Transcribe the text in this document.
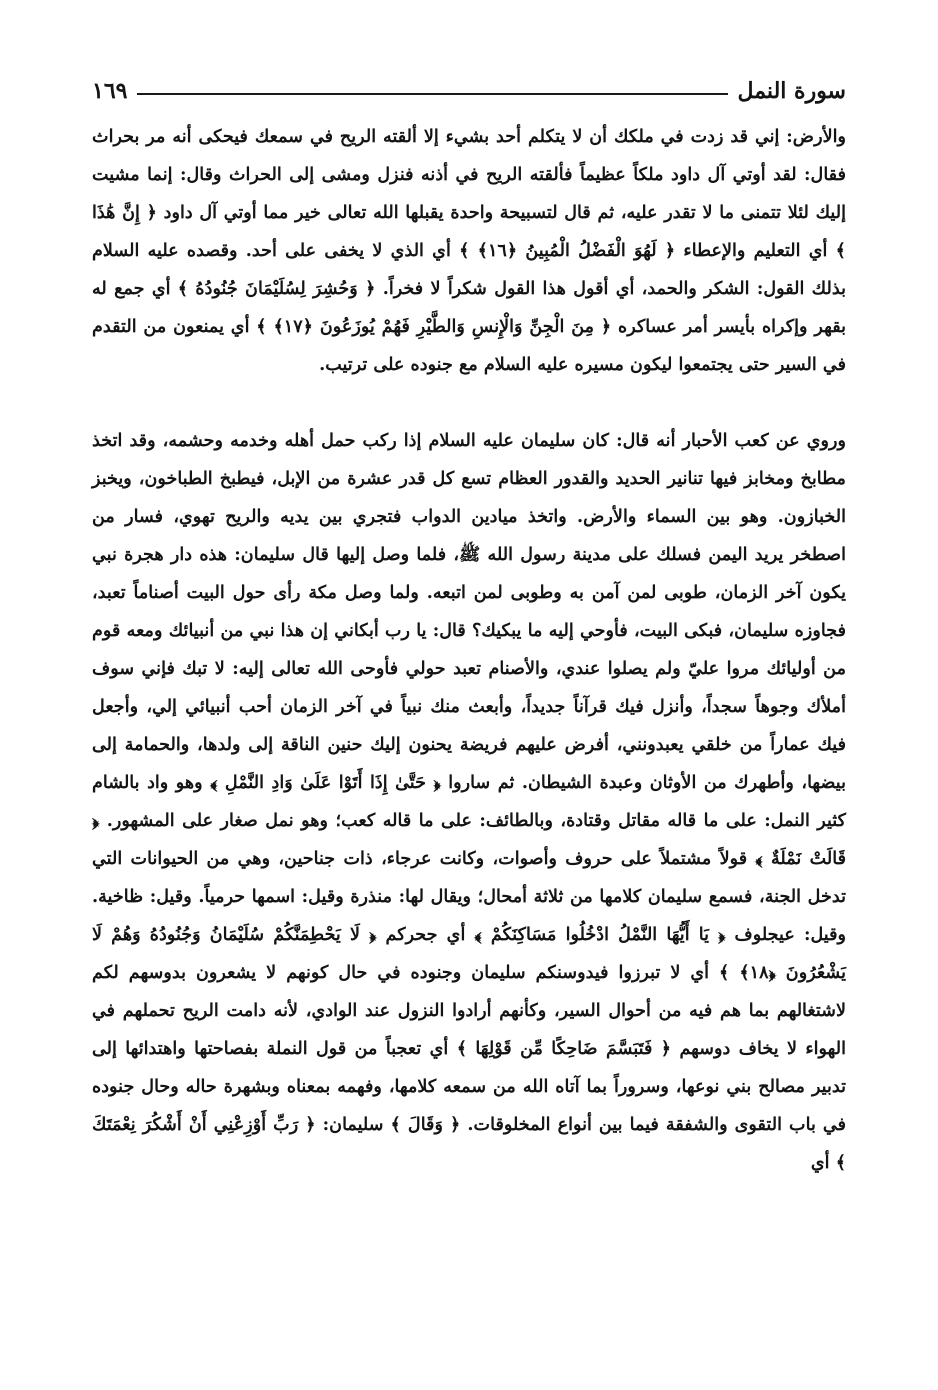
سورة النمل
١٦٩

والأرض: إني قد زدت في ملكك أن لا يتكلم أحد بشيء إلا ألقته الريح في سمعك فيحكى أنه مر بحراث فقال: لقد أوتي آل داود ملكاً عظيماً فألقته الريح في أذنه فنزل ومشى إلى الحراث وقال: إنما مشيت إليك لئلا تتمنى ما لا تقدر عليه، ثم قال لتسبيحة واحدة يقبلها الله تعالى خير مما أوتي آل داود ﴿ إِنَّ هَٰذَا ﴾ أي التعليم والإعطاء ﴿ لَهُوَ الْفَضْلُ الْمُبِينُ ﴿١٦﴾ ﴾ أي الذي لا يخفى على أحد. وقصده عليه السلام بذلك القول: الشكر والحمد، أي أقول هذا القول شكراً لا فخراً. ﴿ وَحُشِرَ لِسُلَيْمَانَ جُنُودُهُ ﴾ أي جمع له بقهر وإكراه بأيسر أمر عساكره ﴿ مِنَ الْجِنِّ وَالْإِنسِ وَالطَّيْرِ فَهُمْ يُوزَعُونَ ﴿١٧﴾ ﴾ أي يمنعون من التقدم في السير حتى يجتمعوا ليكون مسيره عليه السلام مع جنوده على ترتيب.

وروي عن كعب الأحبار أنه قال: كان سليمان عليه السلام إذا ركب حمل أهله وخدمه وحشمه، وقد اتخذ مطابخ ومخابز فيها تنانير الحديد والقدور العظام تسع كل قدر عشرة من الإبل، فيطبخ الطباخون، ويخبز الخبازون. وهو بين السماء والأرض. واتخذ ميادين الدواب فتجري بين يديه والريح تهوي، فسار من اصطخر يريد اليمن فسلك على مدينة رسول الله ﷺ، فلما وصل إليها قال سليمان: هذه دار هجرة نبي يكون آخر الزمان، طوبى لمن آمن به وطوبى لمن اتبعه. ولما وصل مكة رأى حول البيت أصناماً تعبد، فجاوزه سليمان، فبكى البيت، فأوحي إليه ما يبكيك؟ قال: يا رب أبكاني إن هذا نبي من أنبيائك ومعه قوم من أوليائك مروا عليّ ولم يصلوا عندي، والأصنام تعبد حولي فأوحى الله تعالى إليه: لا تبك فإني سوف أملأك وجوهاً سجداً، وأنزل فيك قرآناً جديداً، وأبعث منك نبياً في آخر الزمان أحب أنبيائي إلي، وأجعل فيك عماراً من خلقي يعبدونني، أفرض عليهم فريضة يحنون إليك حنين الناقة إلى ولدها، والحمامة إلى بيضها، وأطهرك من الأوثان وعبدة الشيطان. ثم ساروا ﴿ حَتَّىٰ إِذَا أَتَوْا عَلَىٰ وَادِ النَّمْلِ ﴾ وهو واد بالشام كثير النمل: على ما قاله مقاتل وقتادة، وبالطائف: على ما قاله كعب؛ وهو نمل صغار على المشهور. ﴿ قَالَتْ نَمْلَةٌ ﴾ قولاً مشتملاً على حروف وأصوات، وكانت عرجاء، ذات جناحين، وهي من الحيوانات التي تدخل الجنة، فسمع سليمان كلامها من ثلاثة أمحال؛ ويقال لها: منذرة وقيل: اسمها حرمياً. وقيل: ظاخية. وقيل: عيجلوف ﴿ يَا أَيُّهَا النَّمْلُ ادْخُلُوا مَسَاكِنَكُمْ ﴾ أي جحركم ﴿ لَا يَحْطِمَنَّكُمْ سُلَيْمَانُ وَجُنُودُهُ وَهُمْ لَا يَشْعُرُونَ ﴿١٨﴾ ﴾ أي لا تبرزوا فيدوسنكم سليمان وجنوده في حال كونهم لا يشعرون بدوسهم لكم لاشتغالهم بما هم فيه من أحوال السير، وكأنهم أرادوا النزول عند الوادي، لأنه دامت الريح تحملهم في الهواء لا يخاف دوسهم ﴿ فَتَبَسَّمَ ضَاحِكًا مِّن قَوْلِهَا ﴾ أي تعجباً من قول النملة بفصاحتها واهتدائها إلى تدبير مصالح بني نوعها، وسروراً بما آتاه الله من سمعه كلامها، وفهمه بمعناه وبشهرة حاله وحال جنوده في باب التقوى والشفقة فيما بين أنواع المخلوقات. ﴿ وَقَالَ ﴾ سليمان: ﴿ رَبِّ أَوْزِعْنِي أَنْ أَشْكُرَ نِعْمَتَكَ ﴾ أي
